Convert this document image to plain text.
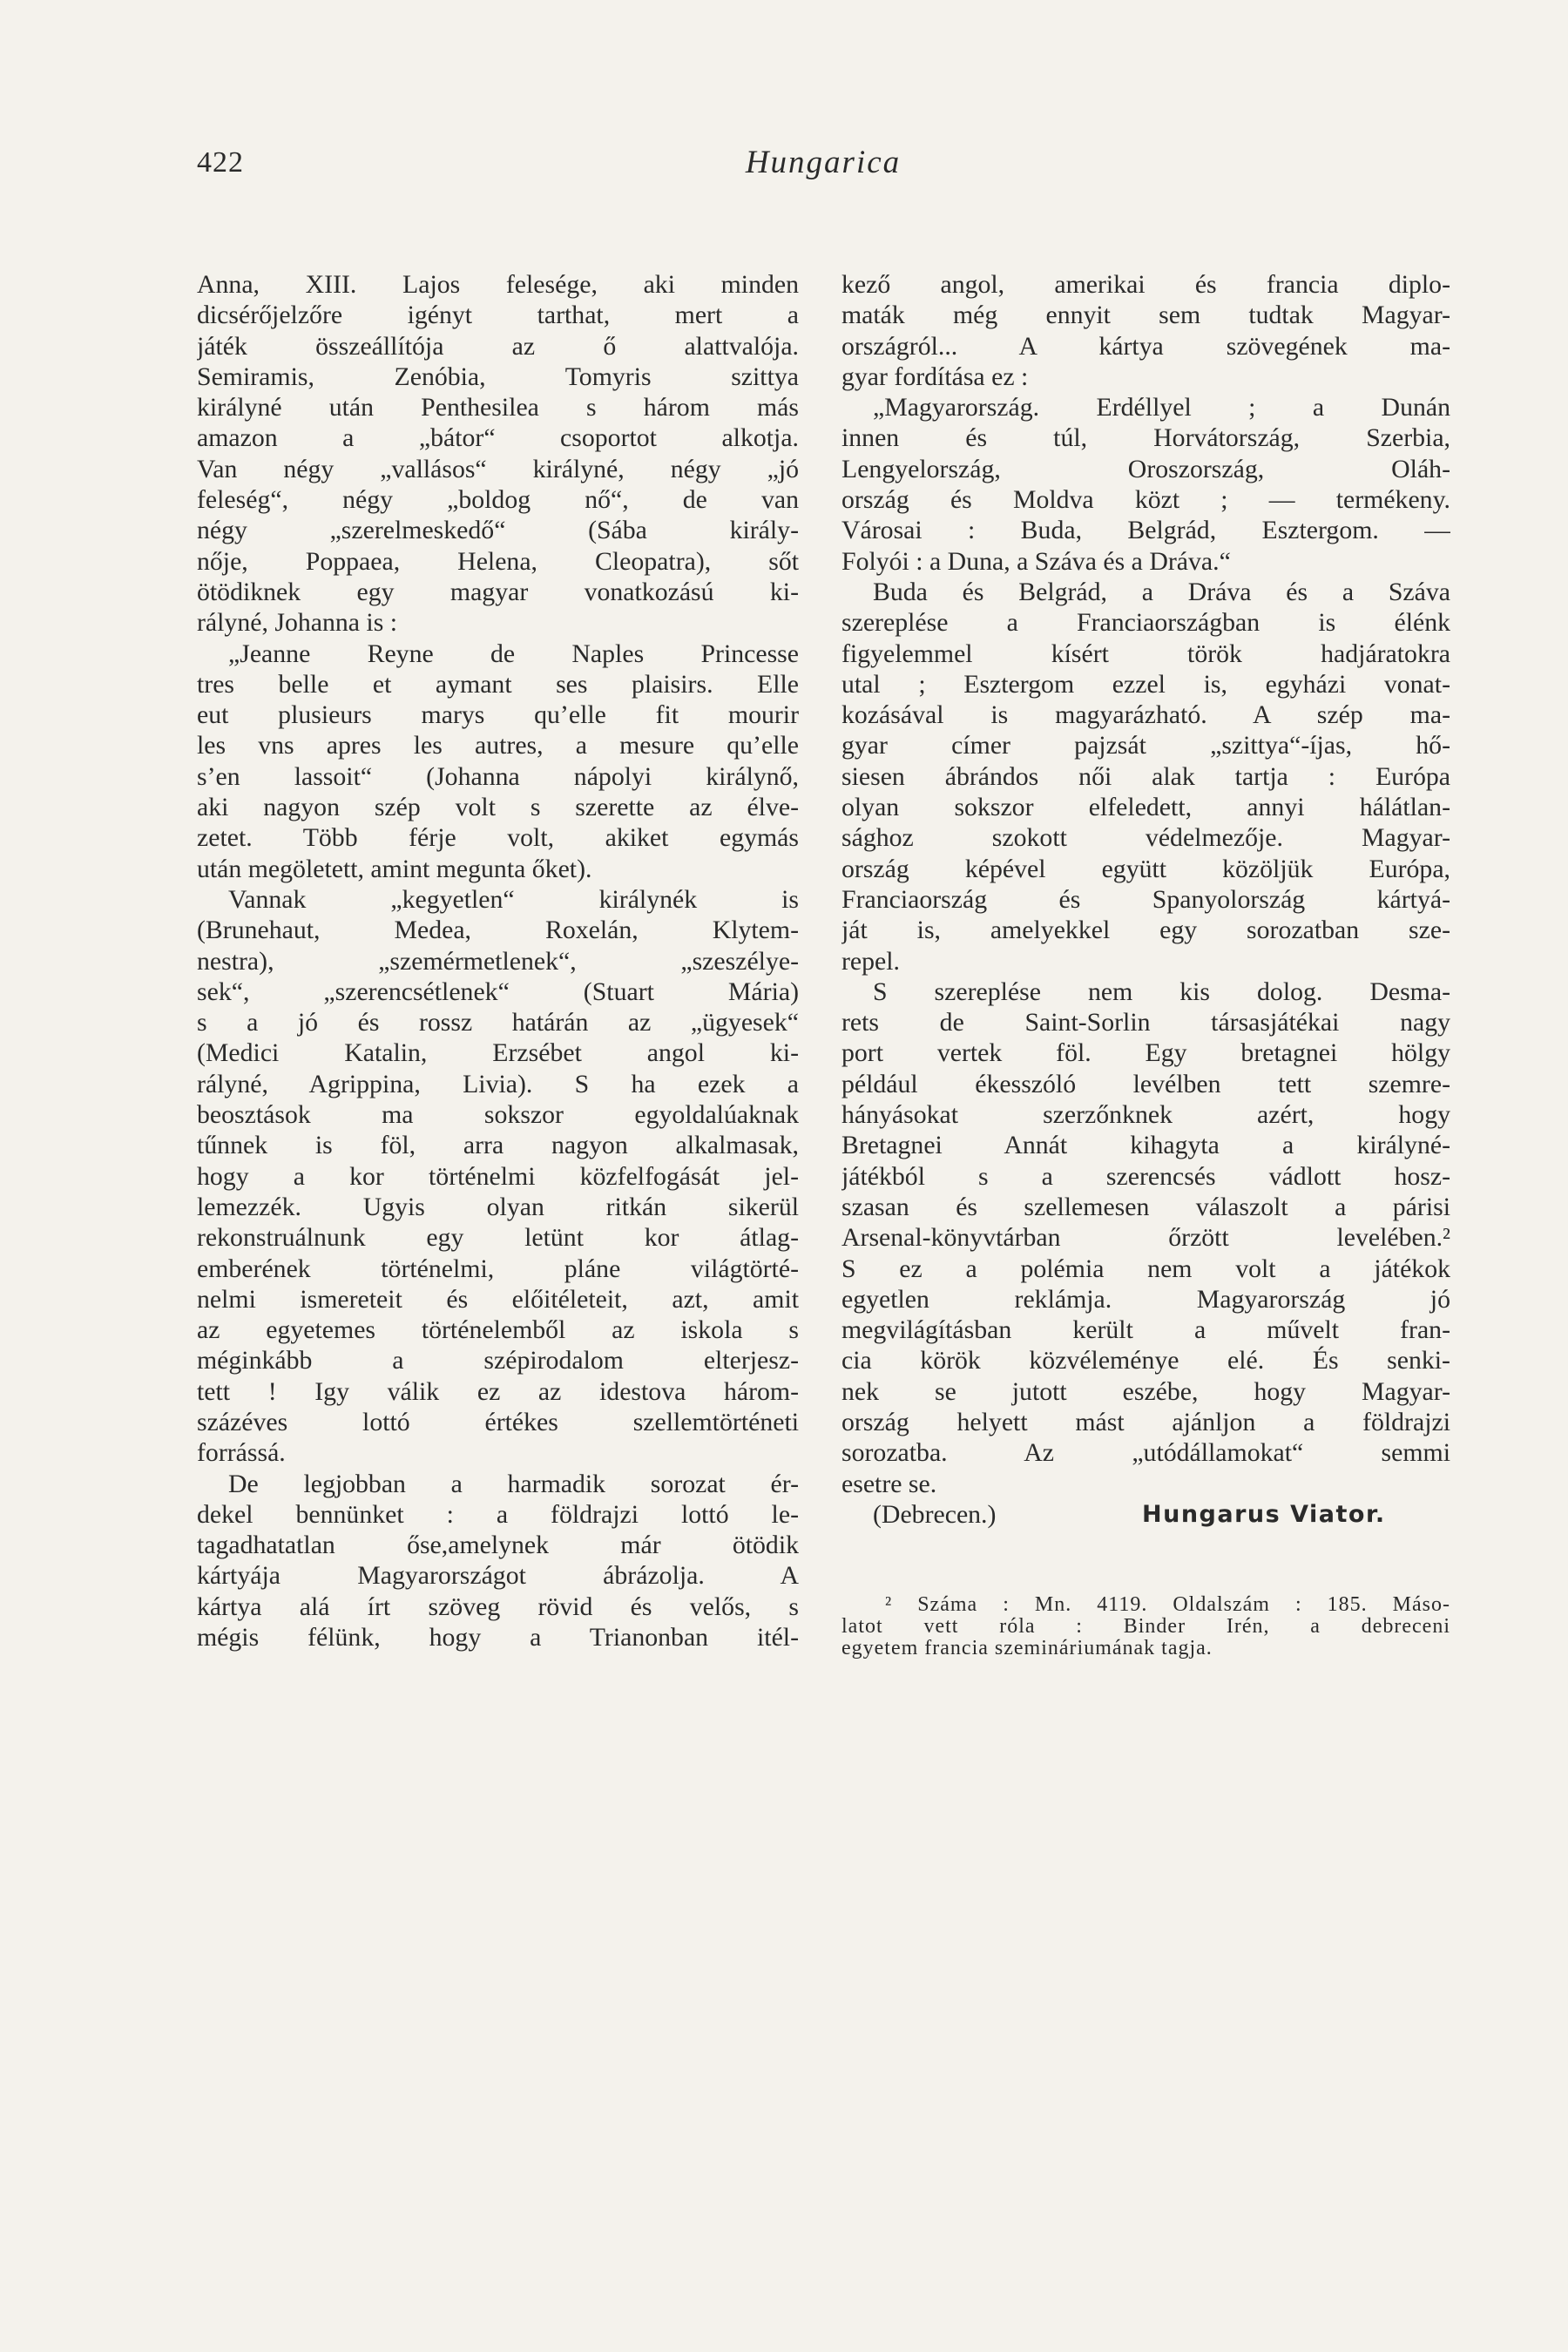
422	Hungarica
Anna, XIII. Lajos felesége, aki minden
dicsérőjelzőre igényt tarthat, mert a
játék összeállítója az ő alattvalója.
Semiramis, Zenóbia, Tomyris szittya
királyné után Penthesilea s három más
amazon a „bátor“ csoportot alkotja.
Van négy „vallásos“ királyné, négy „jó
feleség“, négy „boldog nő“, de van
négy „szerelmeskedő“ (Sába király-
nője, Poppaea, Helena, Cleopatra), sőt
ötödiknek egy magyar vonatkozású ki-
rályné, Johanna is :
„Jeanne Reyne de Naples Princesse
tres belle et aymant ses plaisirs. Elle
eut plusieurs marys qu’elle fit mourir
les vns apres les autres, a mesure qu’elle
s’en lassoit“ (Johanna nápolyi királynő,
aki nagyon szép volt s szerette az élve-
zetet. Több férje volt, akiket egymás
után megöletett, amint megunta őket).
Vannak „kegyetlen“ királynék is
(Brunehaut, Medea, Roxelán, Klytem-
nestra), „szemérmetlenek“, „szeszélye-
sek“, „szerencsétlenek“ (Stuart Mária)
s a jó és rossz határán az „ügyesek“
(Medici Katalin, Erzsébet angol ki-
rályné, Agrippina, Livia). S ha ezek a
beosztások ma sokszor egyoldalúaknak
tűnnek is föl, arra nagyon alkalmasak,
hogy a kor történelmi közfelfogását jel-
lemezzék. Ugyis olyan ritkán sikerül
rekonstruálnunk egy letünt kor átlag-
emberének történelmi, pláne világtörté-
nelmi ismereteit és előitéleteit, azt, amit
az egyetemes történelemből az iskola s
méginkább a szépirodalom elterjesz-
tett ! Igy válik ez az idestova három-
százéves lottó értékes szellemtörténeti
forrássá.
De legjobban a harmadik sorozat ér-
dekel bennünket : a földrajzi lottó le-
tagadhatatlan őse,amelynek már ötödik
kártyája Magyarországot ábrázolja. A
kártya alá írt szöveg rövid és velős, s
mégis félünk, hogy a Trianonban itél-
kező angol, amerikai és francia diplo-
maták még ennyit sem tudtak Magyar-
országról... A kártya szövegének ma-
gyar fordítása ez :
„Magyarország. Erdéllyel ; a Dunán
innen és túl, Horvátország, Szerbia,
Lengyelország, Oroszország, Oláh-
ország és Moldva közt ; — termékeny.
Városai : Buda, Belgrád, Esztergom. —
Folyói : a Duna, a Száva és a Dráva.“
Buda és Belgrád, a Dráva és a Száva
szereplése a Franciaországban is élénk
figyelemmel kísért török hadjáratokra
utal ; Esztergom ezzel is, egyházi vonat-
kozásával is magyarázható. A szép ma-
gyar címer pajzsát „szittya“-íjas, hő-
siesen ábrándos női alak tartja : Európa
olyan sokszor elfeledett, annyi hálátlan-
sághoz szokott védelmezője. Magyar-
ország képével együtt közöljük Európa,
Franciaország és Spanyolország kártyá-
ját is, amelyekkel egy sorozatban sze-
repel.
S szereplése nem kis dolog. Desma-
rets de Saint-Sorlin társasjátékai nagy
port vertek föl. Egy bretagnei hölgy
például ékesszóló levélben tett szemre-
hányásokat szerzőnknek azért, hogy
Bretagnei Annát kihagyta a királyné-
játékból s a szerencsés vádlott hosz-
szasan és szellemesen válaszolt a párisi
Arsenal-könyvtárban őrzött levelében.²
S ez a polémia nem volt a játékok
egyetlen reklámja. Magyarország jó
megvilágításban került a művelt fran-
cia körök közvéleménye elé. És senki-
nek se jutott eszébe, hogy Magyar-
ország helyett mást ajánljon a földrajzi
sorozatba. Az „utódállamokat“ semmi
esetre se.
(Debrecen.)	Hungarus Viator.
² Száma : Mn. 4119. Oldalszám : 185. Máso-
latot vett róla : Binder Irén, a debreceni
egyetem francia szemináriumának tagja.
